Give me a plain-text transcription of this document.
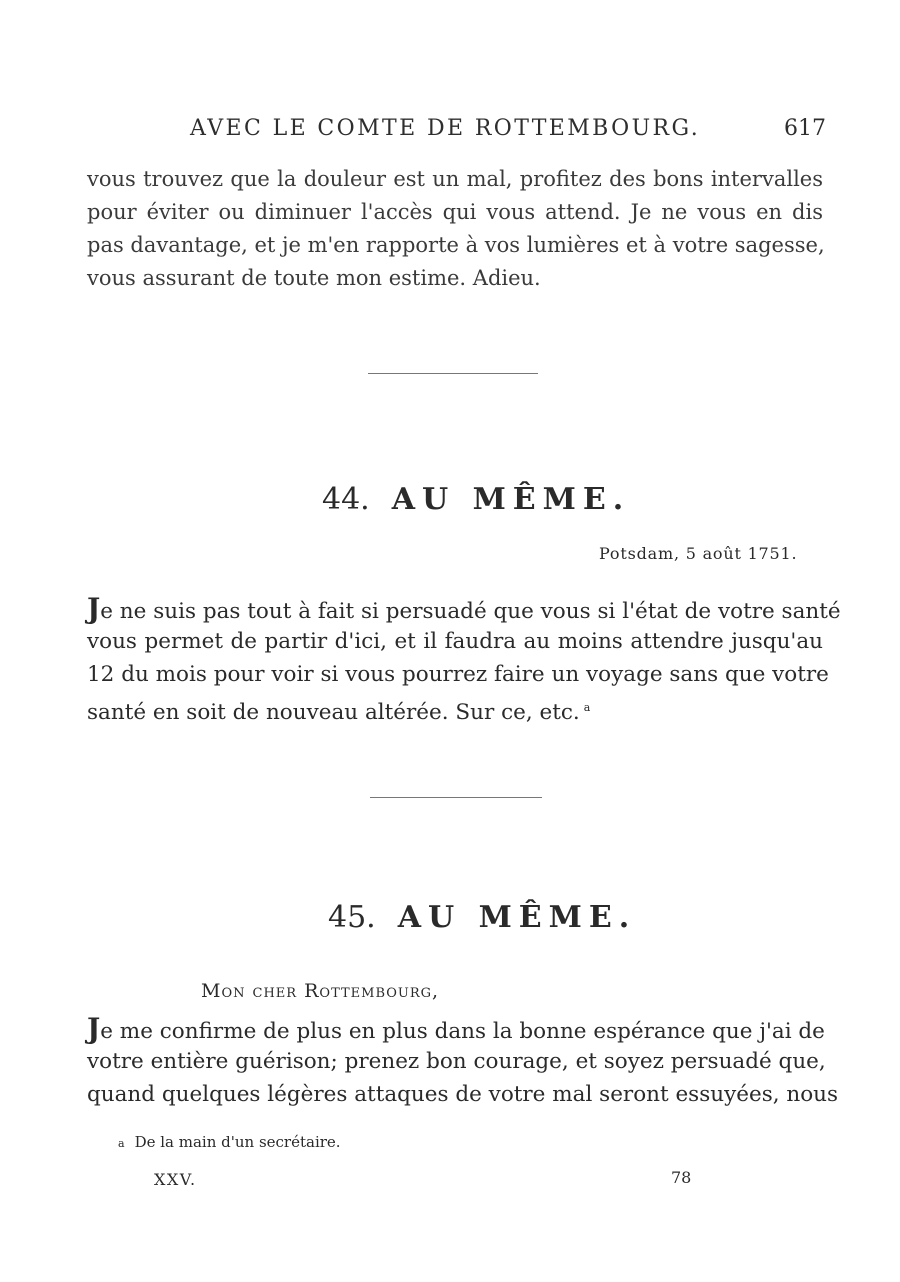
AVEC LE COMTE DE ROTTEMBOURG.	617
vous trouvez que la douleur est un mal, profitez des bons intervalles
pour éviter ou diminuer l'accès qui vous attend. Je ne vous en dis
pas davantage, et je m'en rapporte à vos lumières et à votre sagesse,
vous assurant de toute mon estime. Adieu.
44. AU MÊME.
Potsdam, 5 août 1751.
Je ne suis pas tout à fait si persuadé que vous si l'état de votre santé
vous permet de partir d'ici, et il faudra au moins attendre jusqu'au
12 du mois pour voir si vous pourrez faire un voyage sans que votre
santé en soit de nouveau altérée. Sur ce, etc. $^a$
45. AU MÊME.
Mon cher Rottembourg,
Je me confirme de plus en plus dans la bonne espérance que j'ai de
votre entière guérison; prenez bon courage, et soyez persuadé que,
quand quelques légères attaques de votre mal seront essuyées, nous
a De la main d'un secrétaire.
XXV.	78
